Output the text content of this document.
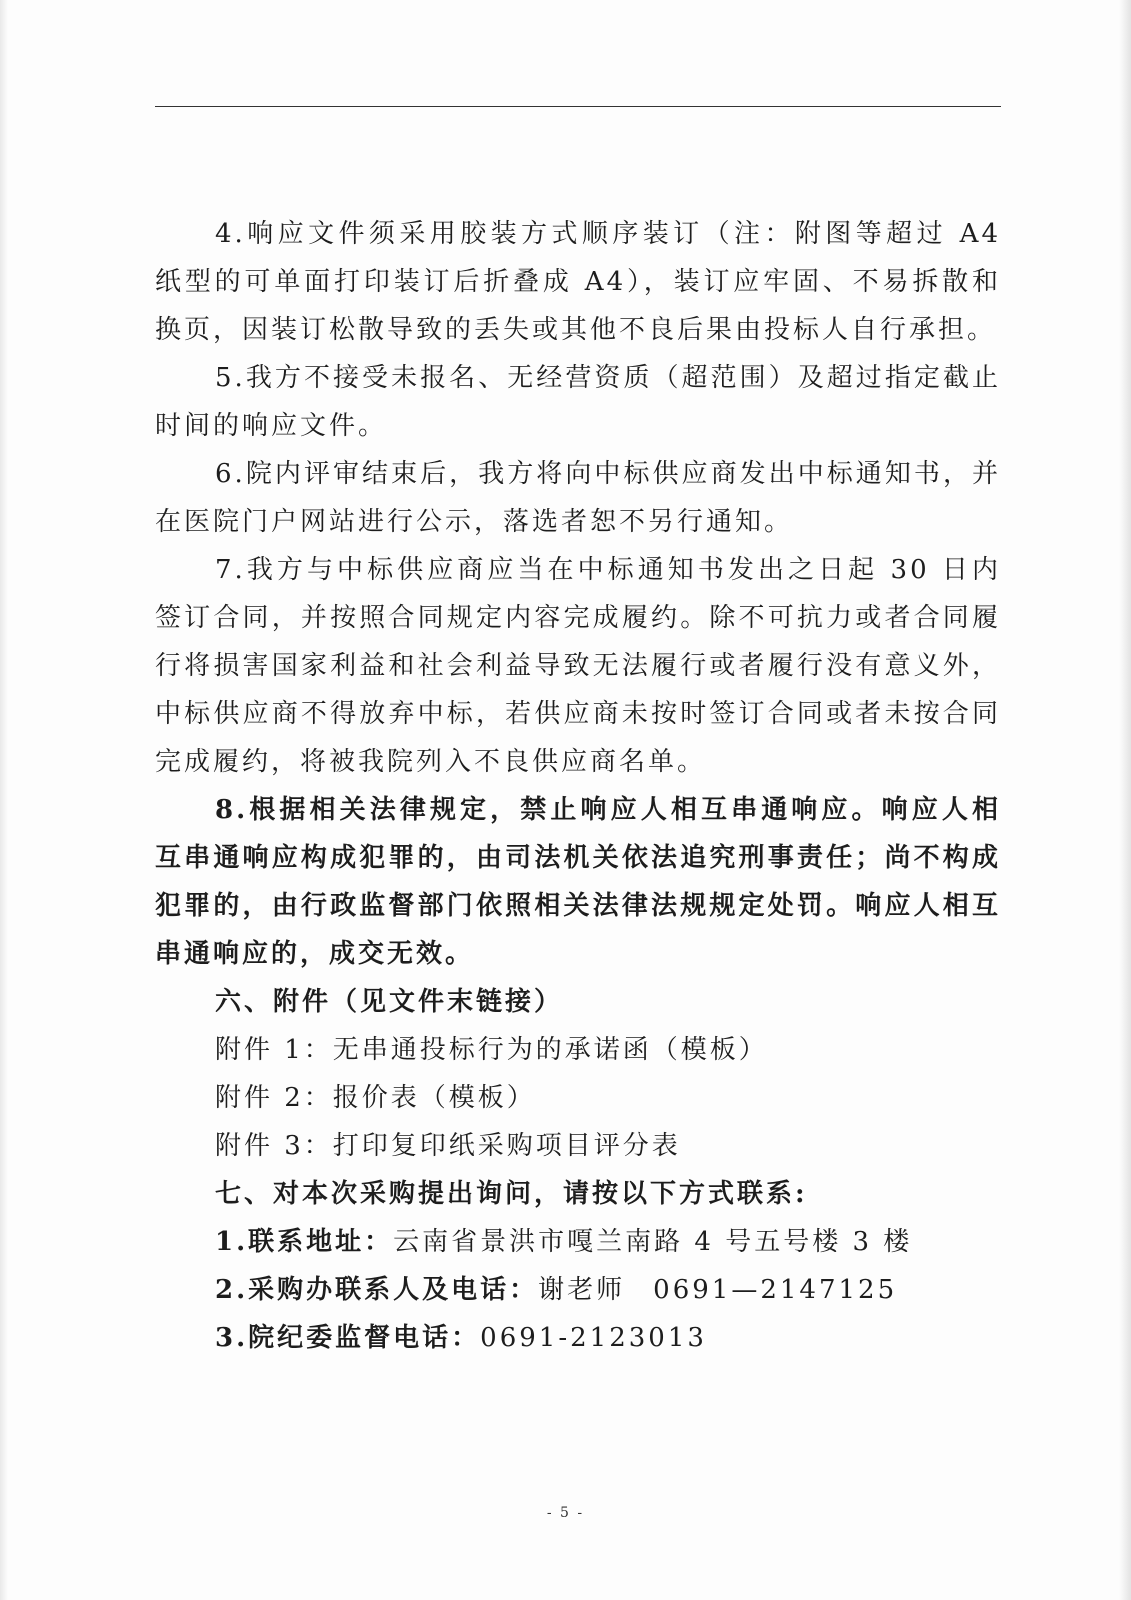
4.响应文件须采用胶装方式顺序装订（注：附图等超过 A4 纸型的可单面打印装订后折叠成 A4），装订应牢固、不易拆散和换页，因装订松散导致的丢失或其他不良后果由投标人自行承担。

5.我方不接受未报名、无经营资质（超范围）及超过指定截止时间的响应文件。

6.院内评审结束后，我方将向中标供应商发出中标通知书，并在医院门户网站进行公示，落选者恕不另行通知。

7.我方与中标供应商应当在中标通知书发出之日起 30 日内签订合同，并按照合同规定内容完成履约。除不可抗力或者合同履行将损害国家利益和社会利益导致无法履行或者履行没有意义外，中标供应商不得放弃中标，若供应商未按时签订合同或者未按合同完成履约，将被我院列入不良供应商名单。

8.根据相关法律规定，禁止响应人相互串通响应。响应人相互串通响应构成犯罪的，由司法机关依法追究刑事责任；尚不构成犯罪的，由行政监督部门依照相关法律法规规定处罚。响应人相互串通响应的，成交无效。

六、附件（见文件末链接）

附件 1：无串通投标行为的承诺函（模板）

附件 2：报价表（模板）

附件 3：打印复印纸采购项目评分表

七、对本次采购提出询问，请按以下方式联系:

1.联系地址：云南省景洪市嘎兰南路 4 号五号楼 3 楼

2.采购办联系人及电话：谢老师 0691—2147125

3.院纪委监督电话：0691-2123013

- 5 -
